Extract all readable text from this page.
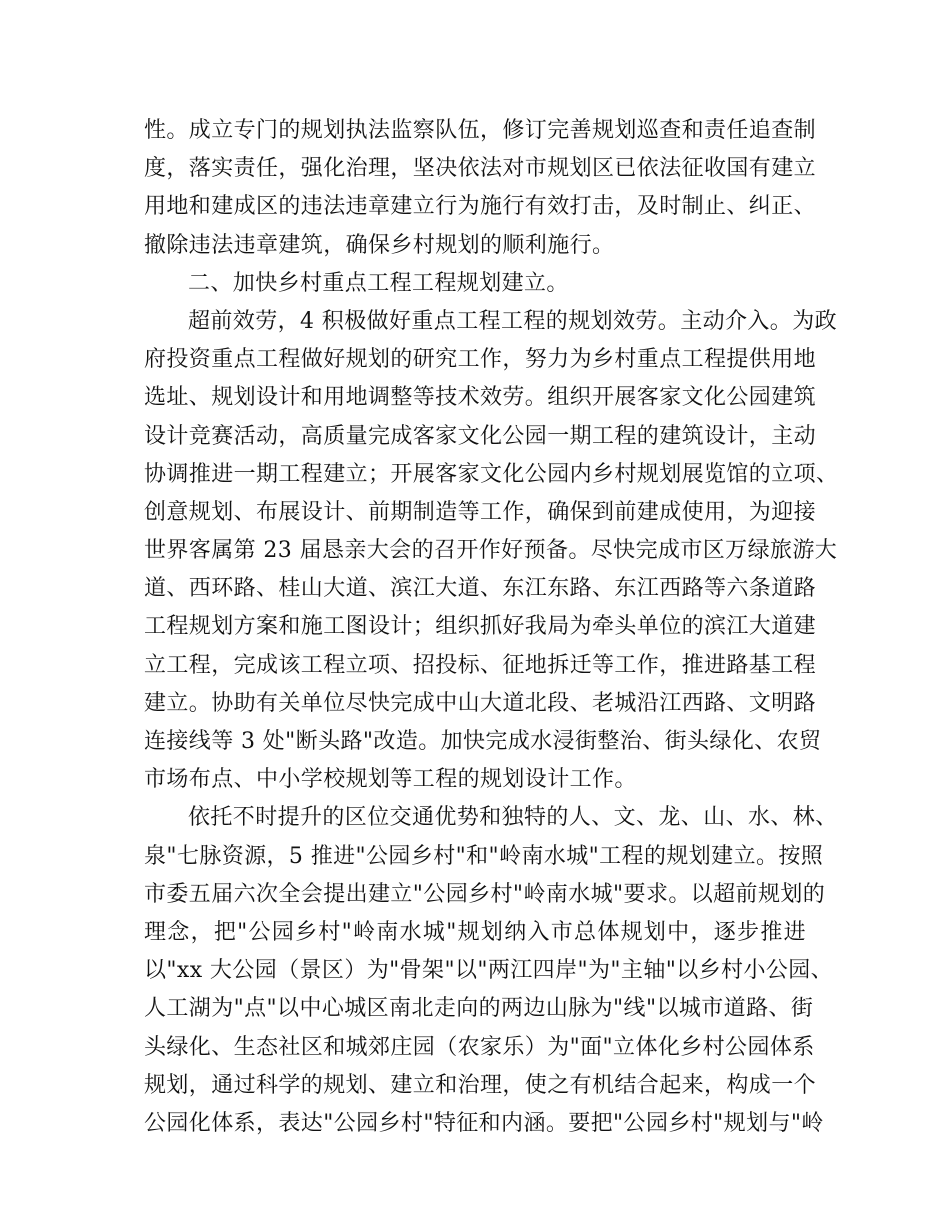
性。成立专门的规划执法监察队伍，修订完善规划巡查和责任追查制
度，落实责任，强化治理，坚决依法对市规划区已依法征收国有建立
用地和建成区的违法违章建立行为施行有效打击，及时制止、纠正、
撤除违法违章建筑，确保乡村规划的顺利施行。
二、加快乡村重点工程工程规划建立。
超前效劳，4 积极做好重点工程工程的规划效劳。主动介入。为政
府投资重点工程做好规划的研究工作，努力为乡村重点工程提供用地
选址、规划设计和用地调整等技术效劳。组织开展客家文化公园建筑
设计竞赛活动，高质量完成客家文化公园一期工程的建筑设计，主动
协调推进一期工程建立；开展客家文化公园内乡村规划展览馆的立项、
创意规划、布展设计、前期制造等工作，确保到前建成使用，为迎接
世界客属第 23 届恳亲大会的召开作好预备。尽快完成市区万绿旅游大
道、西环路、桂山大道、滨江大道、东江东路、东江西路等六条道路
工程规划方案和施工图设计；组织抓好我局为牵头单位的滨江大道建
立工程，完成该工程立项、招投标、征地拆迁等工作，推进路基工程
建立。协助有关单位尽快完成中山大道北段、老城沿江西路、文明路
连接线等 3 处"断头路"改造。加快完成水浸街整治、街头绿化、农贸
市场布点、中小学校规划等工程的规划设计工作。
依托不时提升的区位交通优势和独特的人、文、龙、山、水、林、
泉"七脉资源，5 推进"公园乡村"和"岭南水城"工程的规划建立。按照
市委五届六次全会提出建立"公园乡村"岭南水城"要求。以超前规划的
理念，把"公园乡村"岭南水城"规划纳入市总体规划中，逐步推进
以"xx 大公园（景区）为"骨架"以"两江四岸"为"主轴"以乡村小公园、
人工湖为"点"以中心城区南北走向的两边山脉为"线"以城市道路、街
头绿化、生态社区和城郊庄园（农家乐）为"面"立体化乡村公园体系
规划，通过科学的规划、建立和治理，使之有机结合起来，构成一个
公园化体系，表达"公园乡村"特征和内涵。要把"公园乡村"规划与"岭
